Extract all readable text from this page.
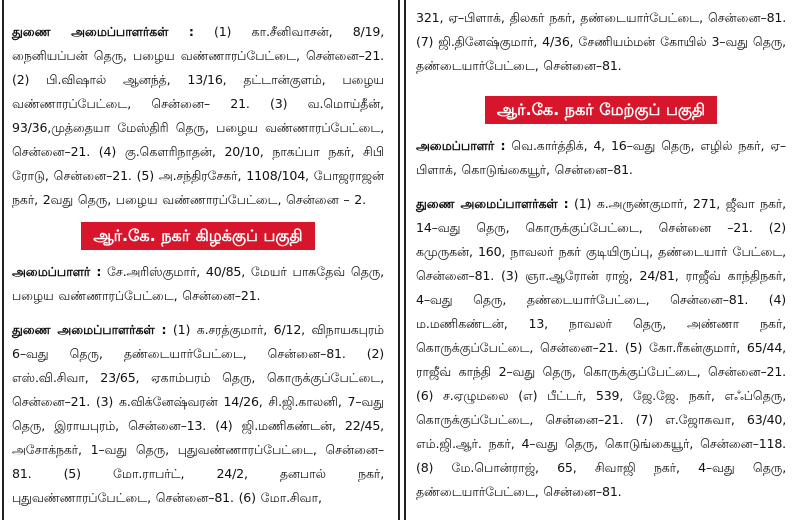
துணை அமைப்பாளர்கள் : (1) கா.சீனிவாசன், 8/19, நைனியப்பன் தெரு, பழைய வண்ணாரப்பேட்டை, சென்னை–21. (2) பி.விஷால் ஆனந்த், 13/16, தட்டான்குளம், பழைய வண்ணாரப்பேட்டை, சென்னை– 21. (3) வ.மொய்தீன், 93/36,முத்தையா மேஸ்திரி தெரு, பழைய வண்ணாரப்பேட்டை, சென்னை–21. (4) கு.கௌரிநாதன், 20/10, நாகப்பா நகர், சிபி ரோடு, சென்னை–21. (5) அ.சந்திரசேகர், 1108/104, போஜராஜன் நகர், 2வது தெரு, பழைய வண்ணாரப்பேட்டை, சென்னை – 2.

ஆர்.கே. நகர் கிழக்குப் பகுதி

அமைப்பாளர் : சே.அரிஸ்குமார், 40/85, மேயர் பாசுதேவ் தெரு, பழைய வண்ணாரப்பேட்டை, சென்னை–21.

துணை அமைப்பாளர்கள் : (1) க.சரத்குமார், 6/12, விநாயகபுரம் 6–வது தெரு, தண்டையார்பேட்டை, சென்னை–81. (2) எஸ்.வி.சிவா, 23/65, ஏகாம்பரம் தெரு, கொருக்குப்பேட்டை, சென்னை–21. (3) க.விக்னேஷ்வரன் 14/26, சி.ஜி.காலனி, 7–வது தெரு, இராயபுரம், சென்னை–13. (4) ஜி.மணிகண்டன், 22/45, அசோக்நகர், 1–வது தெரு, புதுவண்ணாரப்பேட்டை, சென்னை–81. (5) மோ.ராபர்ட், 24/2, தனபால் நகர், புதுவண்ணாரப்பேட்டை, சென்னை–81. (6) மோ.சிவா,

321, ஏ–பிளாக், திலகர் நகர், தண்டையார்பேட்டை, சென்னை–81. (7) ஜி.தினேஷ்குமார், 4/36, சேணியம்மன் கோயில் 3–வது தெரு, தண்டையார்பேட்டை, சென்னை–81.

ஆர்.கே. நகர் மேற்குப் பகுதி

அமைப்பாளர் : வெ.கார்த்திக், 4, 16–வது தெரு, எழில் நகர், ஏ–பிளாக், கொடுங்கையூர், சென்னை–81.

துணை அமைப்பாளர்கள் : (1) க.அருண்குமார், 271, ஜீவா நகர், 14–வது தெரு, கொருக்குப்பேட்டை, சென்னை –21. (2) கமுருகன், 160, நாவலர் நகர் குடியிருப்பு, தண்டையார் பேட்டை, சென்னை–81. (3) ஞா.ஆரோன் ராஜ், 24/81, ராஜீவ் காந்திநகர், 4–வது தெரு, தண்டையார்பேட்டை, சென்னை–81. (4) ம.மணிகண்டன், 13, நாவலர் தெரு, அண்ணா நகர், கொருக்குப்பேட்டை, சென்னை–21. (5) கோ.ரீகன்குமார், 65/44, ராஜீவ் காந்தி 2–வது தெரு, கொருக்குப்பேட்டை, சென்னை–21. (6) ச.ஏழுமலை (எ) பீட்டர், 539, ஜே.ஜே. நகர், எஃப்தெரு, கொருக்குப்பேட்டை, சென்னை–21. (7) எ.ஜோசுவா, 63/40, எம்.ஜி.ஆர். நகர், 4–வது தெரு, கொடுங்கையூர், சென்னை–118. (8) மே.பொன்ராஜ், 65, சிவாஜி நகர், 4–வது தெரு, தண்டையார்பேட்டை, சென்னை–81.
